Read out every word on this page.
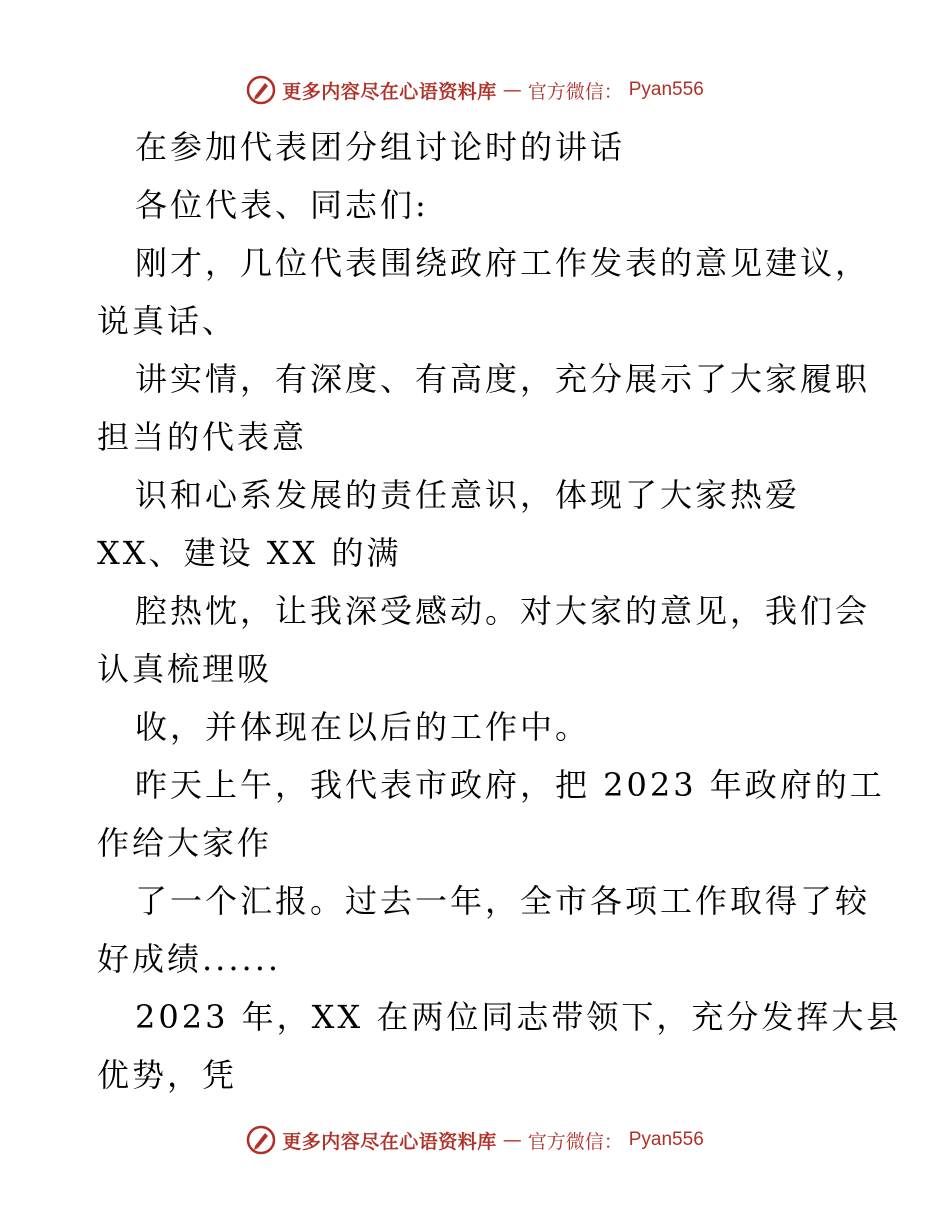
更多内容尽在心语资料库 — 官方微信： Pyan556
在参加代表团分组讨论时的讲话
各位代表、同志们:
刚才，几位代表围绕政府工作发表的意见建议，
说真话、
讲实情，有深度、有高度，充分展示了大家履职
担当的代表意
识和心系发展的责任意识，体现了大家热爱
XX、建设 XX 的满
腔热忱，让我深受感动。对大家的意见，我们会
认真梳理吸
收，并体现在以后的工作中。
昨天上午，我代表市政府，把 2023 年政府的工
作给大家作
了一个汇报。过去一年，全市各项工作取得了较
好成绩......
2023 年，XX 在两位同志带领下，充分发挥大县
优势，凭
更多内容尽在心语资料库 — 官方微信： Pyan556
